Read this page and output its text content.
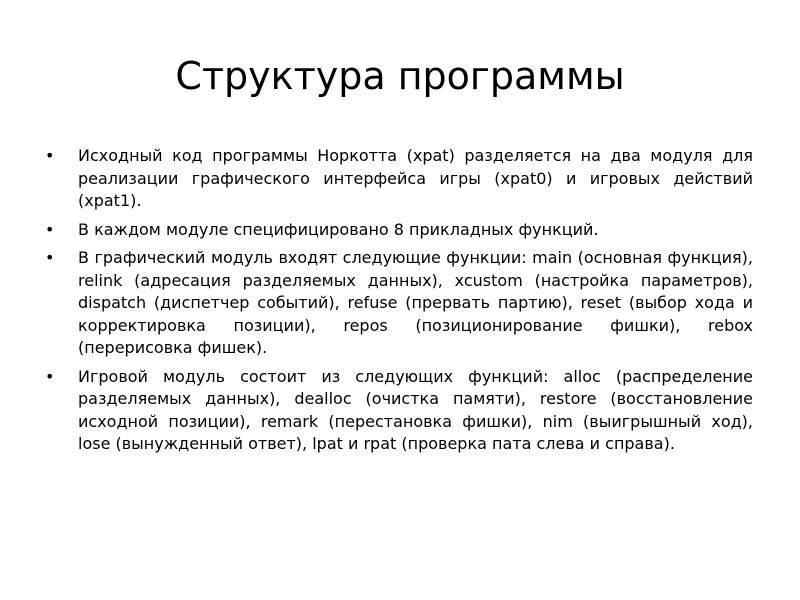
Структура программы
• Исходный код программы Норкотта (xpat) разделяется на два модуля для реализации графического интерфейса игры (xpat0) и игровых действий (xpat1).
• В каждом модуле специфицировано 8 прикладных функций.
• В графический модуль входят следующие функции: main (основная функция), relink (адресация разделяемых данных), xcustom (настройка параметров), dispatch (диспетчер событий), refuse (прервать партию), reset (выбор хода и корректировка позиции), repos (позиционирование фишки), rebox (перерисовка фишек).
• Игровой модуль состоит из следующих функций: alloc (распределение разделяемых данных), dealloc (очистка памяти), restore (восстановление исходной позиции), remark (перестановка фишки), nim (выигрышный ход), lose (вынужденный ответ), lpat и rpat (проверка пата слева и справа).
